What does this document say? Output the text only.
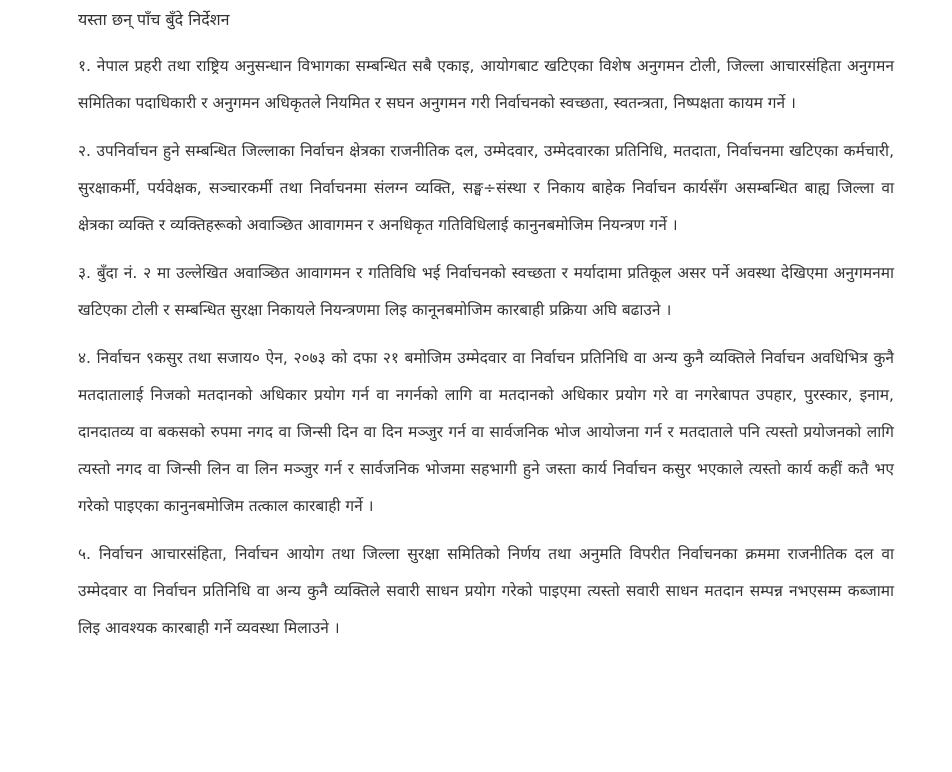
यस्ता छन् पाँच बुँदे निर्देशन

१. नेपाल प्रहरी तथा राष्ट्रिय अनुसन्धान विभागका सम्बन्धित सबै एकाइ, आयोगबाट खटिएका विशेष अनुगमन टोली, जिल्ला आचारसंहिता अनुगमन समितिका पदाधिकारी र अनुगमन अधिकृतले नियमित र सघन अनुगमन गरी निर्वाचनको स्वच्छता, स्वतन्त्रता, निष्पक्षता कायम गर्ने ।

२. उपनिर्वाचन हुने सम्बन्धित जिल्लाका निर्वाचन क्षेत्रका राजनीतिक दल, उम्मेदवार, उम्मेदवारका प्रतिनिधि, मतदाता, निर्वाचनमा खटिएका कर्मचारी, सुरक्षाकर्मी, पर्यवेक्षक, सञ्चारकर्मी तथा निर्वाचनमा संलग्न व्यक्ति, सङ्घ÷संस्था र निकाय बाहेक निर्वाचन कार्यसँग असम्बन्धित बाह्य जिल्ला वा क्षेत्रका व्यक्ति र व्यक्तिहरूको अवाञ्छित आवागमन र अनधिकृत गतिविधिलाई कानुनबमोजिम नियन्त्रण गर्ने ।

३. बुँदा नं. २ मा उल्लेखित अवाञ्छित आवागमन र गतिविधि भई निर्वाचनको स्वच्छता र मर्यादामा प्रतिकूल असर पर्ने अवस्था देखिएमा अनुगमनमा खटिएका टोली र सम्बन्धित सुरक्षा निकायले नियन्त्रणमा लिइ कानूनबमोजिम कारबाही प्रक्रिया अघि बढाउने ।

४. निर्वाचन ९कसुर तथा सजाय० ऐन, २०७३ को दफा २१ बमोजिम उम्मेदवार वा निर्वाचन प्रतिनिधि वा अन्य कुनै व्यक्तिले निर्वाचन अवधिभित्र कुनै मतदातालाई निजको मतदानको अधिकार प्रयोग गर्न वा नगर्नको लागि वा मतदानको अधिकार प्रयोग गरे वा नगरेबापत उपहार, पुरस्कार, इनाम, दानदातव्य वा बकसको रुपमा नगद वा जिन्सी दिन वा दिन मञ्जुर गर्न वा सार्वजनिक भोज आयोजना गर्न र मतदाताले पनि त्यस्तो प्रयोजनको लागि त्यस्तो नगद वा जिन्सी लिन वा लिन मञ्जुर गर्न र सार्वजनिक भोजमा सहभागी हुने जस्ता कार्य निर्वाचन कसुर भएकाले त्यस्तो कार्य कहीं कतै भए गरेको पाइएका कानुनबमोजिम तत्काल कारबाही गर्ने ।

५. निर्वाचन आचारसंहिता, निर्वाचन आयोग तथा जिल्ला सुरक्षा समितिको निर्णय तथा अनुमति विपरीत निर्वाचनका क्रममा राजनीतिक दल वा उम्मेदवार वा निर्वाचन प्रतिनिधि वा अन्य कुनै व्यक्तिले सवारी साधन प्रयोग गरेको पाइएमा त्यस्तो सवारी साधन मतदान सम्पन्न नभएसम्म कब्जामा लिइ आवश्यक कारबाही गर्ने व्यवस्था मिलाउने ।
